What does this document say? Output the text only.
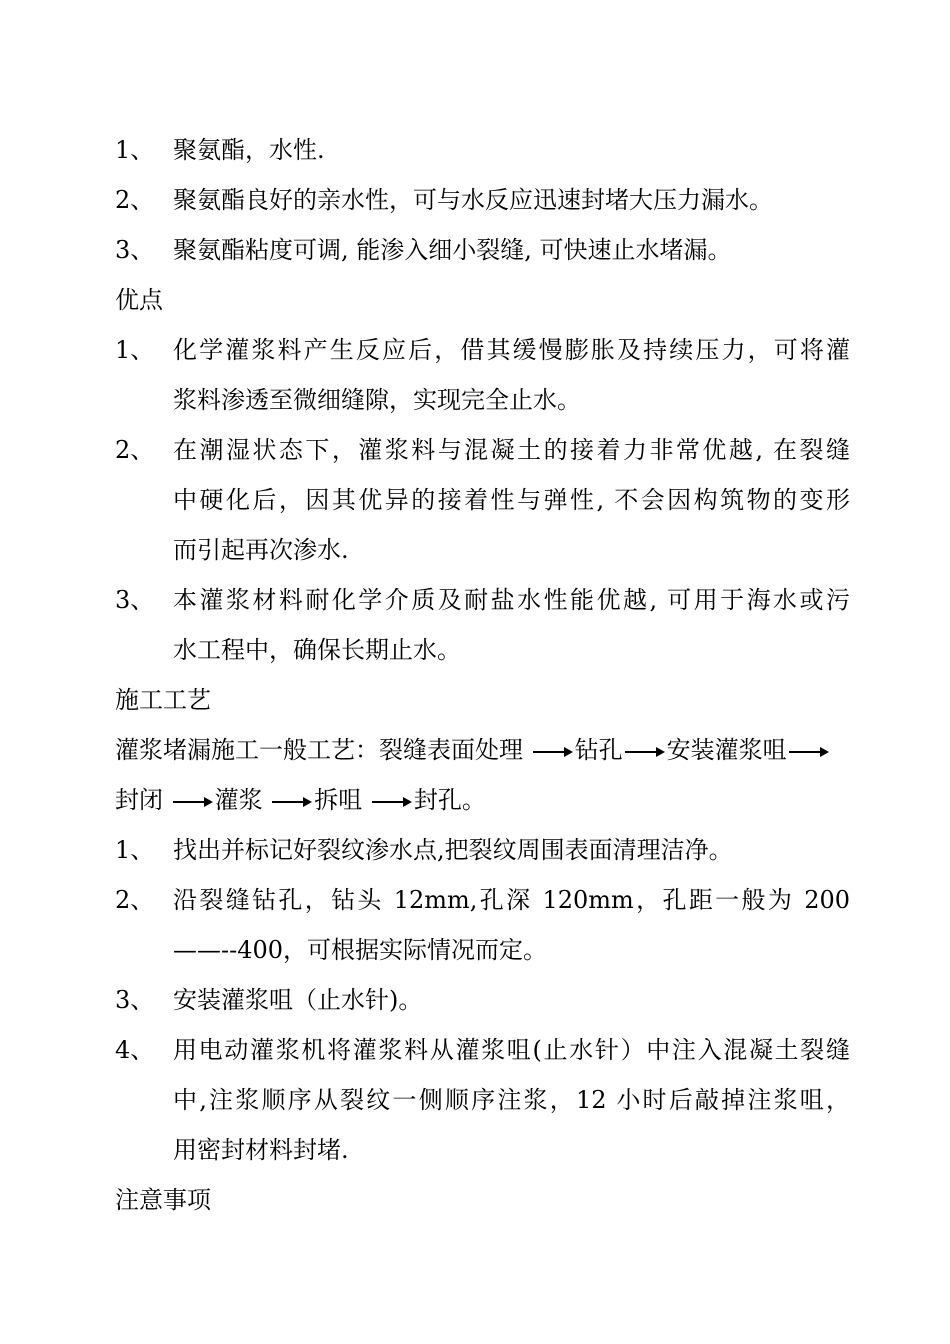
1、 聚氨酯，水性.
2、 聚氨酯良好的亲水性，可与水反应迅速封堵大压力漏水。
3、 聚氨酯粘度可调, 能渗入细小裂缝, 可快速止水堵漏。
优点
1、 化学灌浆料产生反应后，借其缓慢膨胀及持续压力，可将灌
浆料渗透至微细缝隙，实现完全止水。
2、 在潮湿状态下，灌浆料与混凝土的接着力非常优越, 在裂缝
中硬化后，因其优异的接着性与弹性, 不会因构筑物的变形
而引起再次渗水.
3、 本灌浆材料耐化学介质及耐盐水性能优越, 可用于海水或污
水工程中，确保长期止水。
施工工艺
灌浆堵漏施工一般工艺：裂缝表面处理 钻孔 安装灌浆咀
封闭 灌浆 拆咀 封孔。
1、 找出并标记好裂纹渗水点,把裂纹周围表面清理洁净。
2、 沿裂缝钻孔，钻头 12mm,孔深 120mm，孔距一般为 200
——--400，可根据实际情况而定。
3、 安装灌浆咀（止水针)。
4、 用电动灌浆机将灌浆料从灌浆咀(止水针）中注入混凝土裂缝
中,注浆顺序从裂纹一侧顺序注浆，12 小时后敲掉注浆咀，
用密封材料封堵.
注意事项
